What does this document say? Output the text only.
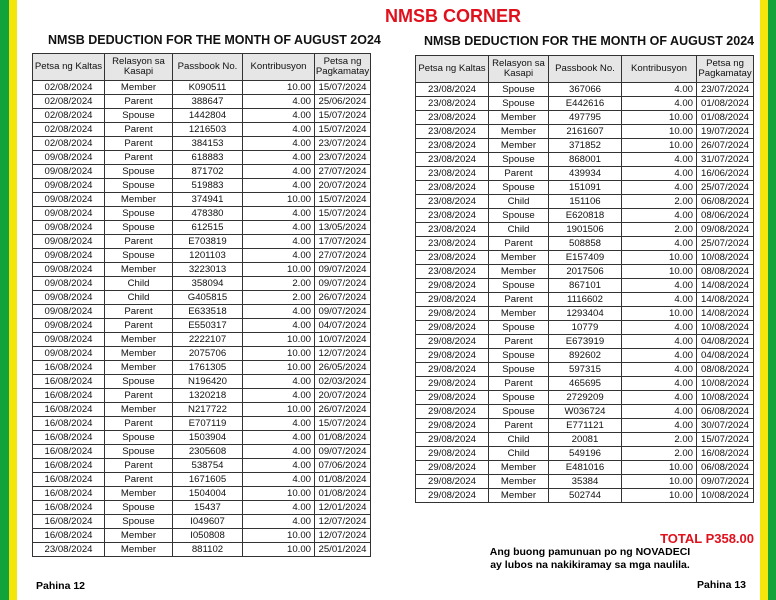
NMSB DEDUCTION FOR THE MONTH OF AUGUST 2O24
Petsa ng Kaltas	Relasyon sa Kasapi	Passbook No.	Kontribusyon	Petsa ng Pagkamatay
02/08/2024	Member	K090511	10.00	15/07/2024
02/08/2024	Parent	388647	4.00	25/06/2024
02/08/2024	Spouse	1442804	4.00	15/07/2024
02/08/2024	Parent	1216503	4.00	15/07/2024
02/08/2024	Parent	384153	4.00	23/07/2024
09/08/2024	Parent	618883	4.00	23/07/2024
09/08/2024	Spouse	871702	4.00	27/07/2024
09/08/2024	Spouse	519883	4.00	20/07/2024
09/08/2024	Member	374941	10.00	15/07/2024
09/08/2024	Spouse	478380	4.00	15/07/2024
09/08/2024	Spouse	612515	4.00	13/05/2024
09/08/2024	Parent	E703819	4.00	17/07/2024
09/08/2024	Spouse	1201103	4.00	27/07/2024
09/08/2024	Member	3223013	10.00	09/07/2024
09/08/2024	Child	358094	2.00	09/07/2024
09/08/2024	Child	G405815	2.00	26/07/2024
09/08/2024	Parent	E633518	4.00	09/07/2024
09/08/2024	Parent	E550317	4.00	04/07/2024
09/08/2024	Member	2222107	10.00	10/07/2024
09/08/2024	Member	2075706	10.00	12/07/2024
16/08/2024	Member	1761305	10.00	26/05/2024
16/08/2024	Spouse	N196420	4.00	02/03/2024
16/08/2024	Parent	1320218	4.00	20/07/2024
16/08/2024	Member	N217722	10.00	26/07/2024
16/08/2024	Parent	E707119	4.00	15/07/2024
16/08/2024	Spouse	1503904	4.00	01/08/2024
16/08/2024	Spouse	2305608	4.00	09/07/2024
16/08/2024	Parent	538754	4.00	07/06/2024
16/08/2024	Parent	1671605	4.00	01/08/2024
16/08/2024	Member	1504004	10.00	01/08/2024
16/08/2024	Spouse	15437	4.00	12/01/2024
16/08/2024	Spouse	I049607	4.00	12/07/2024
16/08/2024	Member	I050808	10.00	12/07/2024
23/08/2024	Member	881102	10.00	25/01/2024
Pahina 12
NMSB CORNER
NMSB DEDUCTION FOR THE MONTH OF AUGUST 2024
Petsa ng Kaltas	Relasyon sa Kasapi	Passbook No.	Kontribusyon	Petsa ng Pagkamatay
23/08/2024	Spouse	367066	4.00	23/07/2024
23/08/2024	Spouse	E442616	4.00	01/08/2024
23/08/2024	Member	497795	10.00	01/08/2024
23/08/2024	Member	2161607	10.00	19/07/2024
23/08/2024	Member	371852	10.00	26/07/2024
23/08/2024	Spouse	868001	4.00	31/07/2024
23/08/2024	Parent	439934	4.00	16/06/2024
23/08/2024	Spouse	151091	4.00	25/07/2024
23/08/2024	Child	151106	2.00	06/08/2024
23/08/2024	Spouse	E620818	4.00	08/06/2024
23/08/2024	Child	1901506	2.00	09/08/2024
23/08/2024	Parent	508858	4.00	25/07/2024
23/08/2024	Member	E157409	10.00	10/08/2024
23/08/2024	Member	2017506	10.00	08/08/2024
29/08/2024	Spouse	867101	4.00	14/08/2024
29/08/2024	Parent	1116602	4.00	14/08/2024
29/08/2024	Member	1293404	10.00	14/08/2024
29/08/2024	Spouse	10779	4.00	10/08/2024
29/08/2024	Parent	E673919	4.00	04/08/2024
29/08/2024	Spouse	892602	4.00	04/08/2024
29/08/2024	Spouse	597315	4.00	08/08/2024
29/08/2024	Parent	465695	4.00	10/08/2024
29/08/2024	Spouse	2729209	4.00	10/08/2024
29/08/2024	Spouse	W036724	4.00	06/08/2024
29/08/2024	Parent	E771121	4.00	30/07/2024
29/08/2024	Child	20081	2.00	15/07/2024
29/08/2024	Child	549196	2.00	16/08/2024
29/08/2024	Member	E481016	10.00	06/08/2024
29/08/2024	Member	35384	10.00	09/07/2024
29/08/2024	Member	502744	10.00	10/08/2024
TOTAL P358.00
Ang buong pamunuan po ng NOVADECI
ay lubos na nakikiramay sa mga naulila.
Pahina 13
